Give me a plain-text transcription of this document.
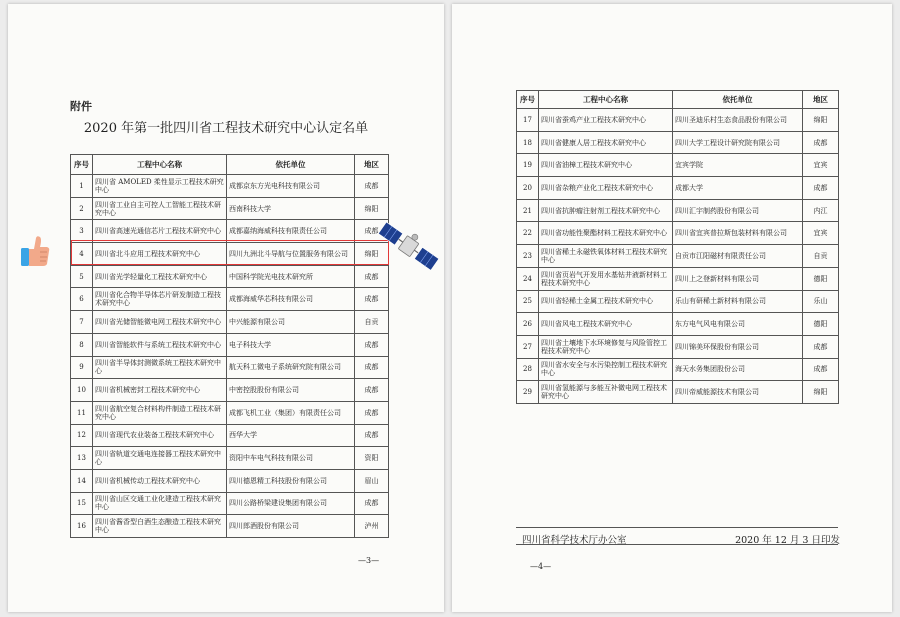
附件
2020 年第一批四川省工程技术研究中心认定名单
序号	工程中心名称	依托单位	地区
1	四川省 AMOLED 柔性显示工程技术研究中心	成都京东方光电科技有限公司	成都
2	四川省工业自主可控人工智能工程技术研究中心	西南科技大学	绵阳
3	四川省高速光通信芯片工程技术研究中心	成都嘉纳海威科技有限责任公司	成都
4	四川省北斗应用工程技术研究中心	四川九洲北斗导航与位置服务有限公司	绵阳
5	四川省光学轻量化工程技术研究中心	中国科学院光电技术研究所	成都
6	四川省化合物半导体芯片研发制造工程技术研究中心	成都海威华芯科技有限公司	成都
7	四川省光储智能微电网工程技术研究中心	中兴能源有限公司	自贡
8	四川省智能软件与系统工程技术研究中心	电子科技大学	成都
9	四川省半导体封测微系统工程技术研究中心	航天科工微电子系统研究院有限公司	成都
10	四川省机械密封工程技术研究中心	中密控股股份有限公司	成都
11	四川省航空复合材料构件制造工程技术研究中心	成都飞机工业（集团）有限责任公司	成都
12	四川省现代农业装备工程技术研究中心	西华大学	成都
13	四川省轨道交通电连接器工程技术研究中心	资阳中车电气科技有限公司	资阳
14	四川省机械传动工程技术研究中心	四川德恩精工科技股份有限公司	眉山
15	四川省山区交通工业化建造工程技术研究中心	四川公路桥梁建设集团有限公司	成都
16	四川省酱香型白酒生态酿造工程技术研究中心	四川郎酒股份有限公司	泸州
—3—
序号	工程中心名称	依托单位	地区
17	四川省蚕鸡产业工程技术研究中心	四川圣迪乐村生态食品股份有限公司	绵阳
18	四川省健康人居工程技术研究中心	四川大学工程设计研究院有限公司	成都
19	四川省油樟工程技术研究中心	宜宾学院	宜宾
20	四川省杂粮产业化工程技术研究中心	成都大学	成都
21	四川省抗肿瘤注射剂工程技术研究中心	四川汇宇制药股份有限公司	内江
22	四川省功能性聚酯材料工程技术研究中心	四川省宜宾普拉斯包装材料有限公司	宜宾
23	四川省稀土永磁铁氧体材料工程技术研究中心	自贡市江阳磁材有限责任公司	自贡
24	四川省页岩气开发用水基钻井液新材料工程技术研究中心	四川上之登新材料有限公司	德阳
25	四川省轻稀土金属工程技术研究中心	乐山有研稀土新材料有限公司	乐山
26	四川省风电工程技术研究中心	东方电气风电有限公司	德阳
27	四川省土壤地下水环境修复与风险管控工程技术研究中心	四川锦美环保股份有限公司	成都
28	四川省水安全与水污染控制工程技术研究中心	海天水务集团股份公司	成都
29	四川省氢能源与多能互补微电网工程技术研究中心	四川帝威能源技术有限公司	绵阳
四川省科学技术厅办公室	2020 年 12 月 3 日印发
—4—
